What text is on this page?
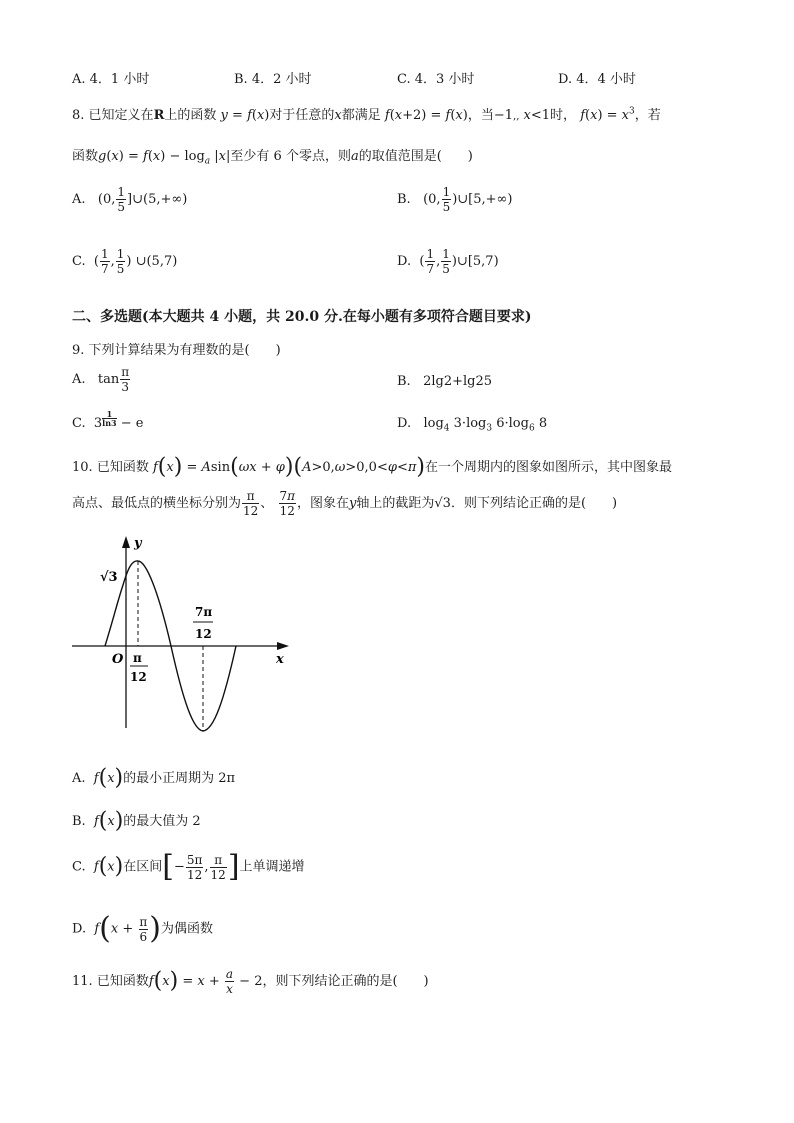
A. 4．1 小时	B. 4．2 小时	C. 4．3 小时	D. 4．4 小时
8. 已知定义在R上的函数 y = f(x)对于任意的x都满足 f(x+2) = f(x)，当−1,, x<1时， $f(x) = x^3$，若
函数$g(x) = f(x) - \log_a |x|$至少有 6 个零点，则a的取值范围是(　　)
A.   (0, $\frac{1}{5}$ ]∪(5,+∞)	B.   (0, $\frac{1}{5}$ )∪[5,+∞)
C.  ( $\frac{1}{7}$ , $\frac{1}{5}$ ) ∪(5,7)	D.  ( $\frac{1}{7}$ , $\frac{1}{5}$ )∪[5,7)
二、多选题(本大题共 4 小题，共 20.0 分.在每小题有多项符合题目要求)
9. 下列计算结果为有理数的是(　　)
A.   $\tan \frac{\pi}{3}$	B.   2lg2+lg25
C.  $3 \frac{1}{\ln 3} - e$	D.   $\log_4 3\cdot\log_3$ $6\cdot\log_6$ 8
10. 已知函数 f(x) = Asin(ωx + φ)(A>0,ω>0,0<φ<π)在一个周期内的图象如图所示，其中图象最
高点、最低点的横坐标分别为 $\frac{\pi}{12}$ 、 $\frac{7\pi}{12}$ ，图象在y轴上的截距为√3．则下列结论正确的是(　　)
y
x
O
√3
π
12
7π
12
A. f(x)的最小正周期为 2π
B. f(x)的最大值为 2
C. f(x)在区间[− $\frac{5\pi}{12}$ , $\frac{\pi}{12}$ ]上单调递增
D. $f(x + \frac{\pi}{6}$ )为偶函数
11. 已知函数$f(x) = x + \frac{a}{x} - 2$，则下列结论正确的是(　　)
